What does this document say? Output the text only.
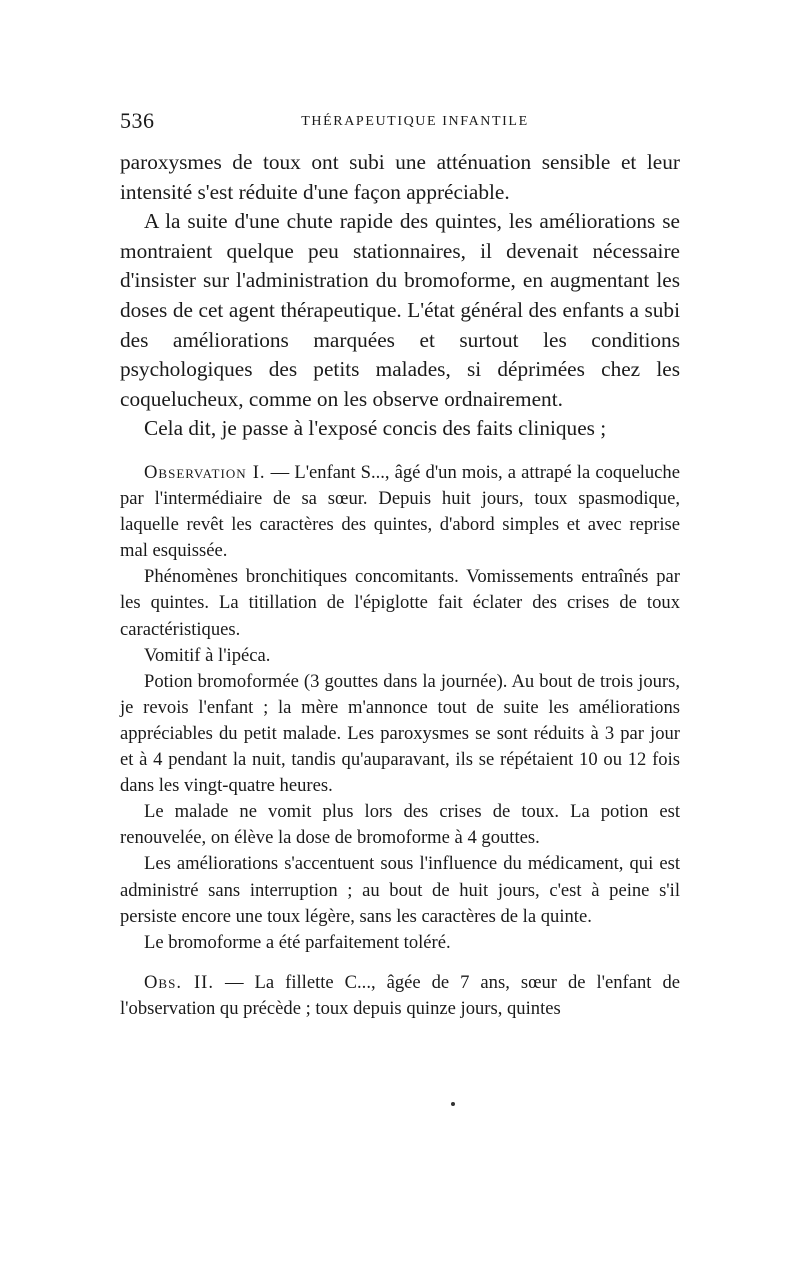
536	THÉRAPEUTIQUE INFANTILE

paroxysmes de toux ont subi une atténuation sensible et leur intensité s'est réduite d'une façon appréciable.

A la suite d'une chute rapide des quintes, les améliorations se montraient quelque peu stationnaires, il devenait nécessaire d'insister sur l'administration du bromoforme, en augmentant les doses de cet agent thérapeutique. L'état général des enfants a subi des améliorations marquées et surtout les conditions psychologiques des petits malades, si déprimées chez les coquelucheux, comme on les observe ordnairement.

Cela dit, je passe à l'exposé concis des faits cliniques ;

Observation I. — L'enfant S..., âgé d'un mois, a attrapé la coqueluche par l'intermédiaire de sa sœur. Depuis huit jours, toux spasmodique, laquelle revêt les caractères des quintes, d'abord simples et avec reprise mal esquissée.

Phénomènes bronchitiques concomitants. Vomissements entraînés par les quintes. La titillation de l'épiglotte fait éclater des crises de toux caractéristiques.

Vomitif à l'ipéca.

Potion bromoformée (3 gouttes dans la journée). Au bout de trois jours, je revois l'enfant ; la mère m'annonce tout de suite les améliorations appréciables du petit malade. Les paroxysmes se sont réduits à 3 par jour et à 4 pendant la nuit, tandis qu'auparavant, ils se répétaient 10 ou 12 fois dans les vingt-quatre heures.

Le malade ne vomit plus lors des crises de toux. La potion est renouvelée, on élève la dose de bromoforme à 4 gouttes.

Les améliorations s'accentuent sous l'influence du médicament, qui est administré sans interruption ; au bout de huit jours, c'est à peine s'il persiste encore une toux légère, sans les caractères de la quinte.

Le bromoforme a été parfaitement toléré.

Obs. II. — La fillette C..., âgée de 7 ans, sœur de l'enfant de l'observation qu précède ; toux depuis quinze jours, quintes
